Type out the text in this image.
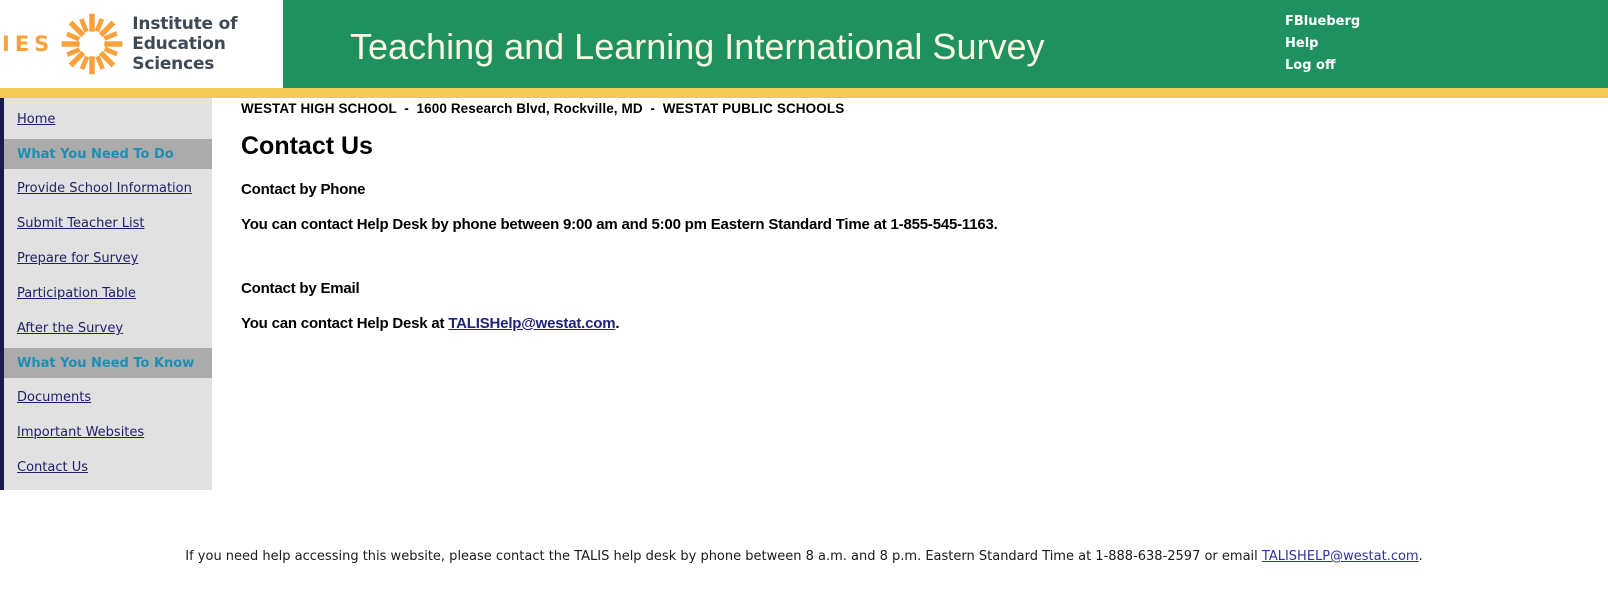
IES
Institute of
Education Sciences	Teaching and Learning International Survey
FBlueberg
Help
Log off
Home
What You Need To Do
Provide School Information
Submit Teacher List
Prepare for Survey
Participation Table
After the Survey
What You Need To Know
Documents
Important Websites
Contact Us
WESTAT HIGH SCHOOL  -  1600 Research Blvd, Rockville, MD  -  WESTAT PUBLIC SCHOOLS
Contact Us
Contact by Phone
You can contact Help Desk by phone between 9:00 am and 5:00 pm Eastern Standard Time at 1-855-545-1163.
Contact by Email
You can contact Help Desk at TALISHelp@westat.com.
If you need help accessing this website, please contact the TALIS help desk by phone between 8 a.m. and 8 p.m. Eastern Standard Time at 1-888-638-2597 or email TALISHELP@westat.com.
